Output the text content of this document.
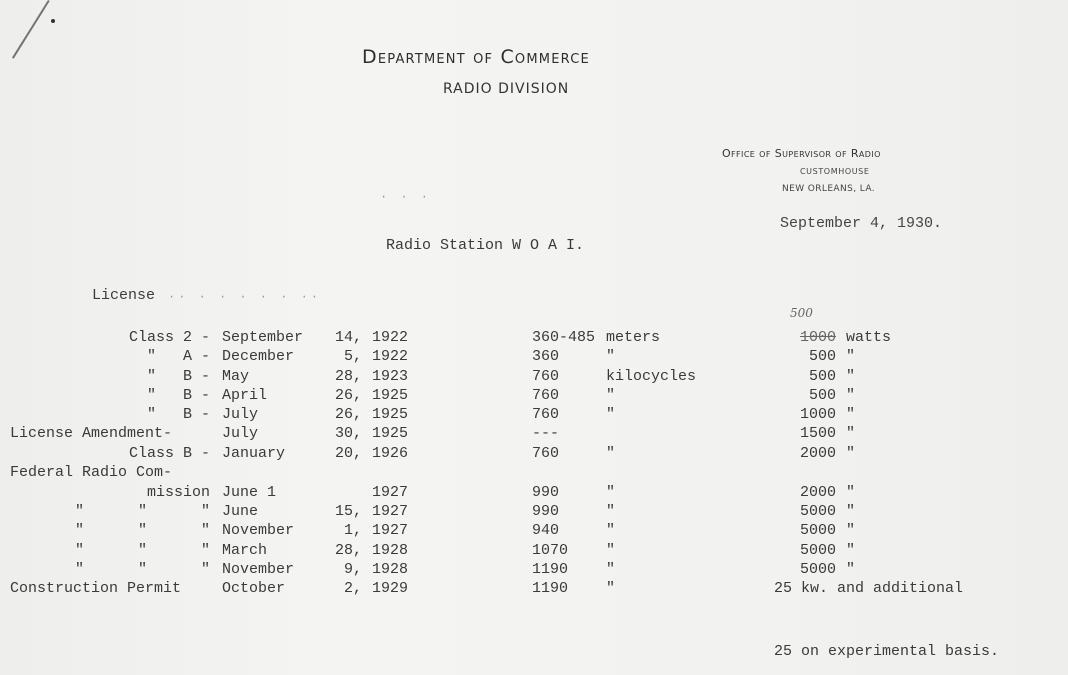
Department of Commerce
RADIO DIVISION
Office of Supervisor of Radio
CUSTOMHOUSE
NEW ORLEANS, LA.
September 4, 1930.
· · ·
Radio Station W O A I.
License ·· · · · · · ··
500
Class 2 - September	14, 1922	360-485 meters	1000 watts
"   A - December	5, 1922	360	"	500 "
"   B - May	28, 1923	760	kilocycles	500 "
"   B - April	26, 1925	760	"	500 "
"   B - July	26, 1925	760	"	1000 "
License Amendment-	July	30, 1925	---	1500 "
Class B - January	20, 1926	760	"	2000 "
Federal Radio Com-
mission June 1	1927	990	"	2000 "
"      "      " June	15, 1927	990	"	5000 "
"      "      " November	1, 1927	940	"	5000 "
"      "      " March	28, 1928	1070	"	5000 "
"      "      " November	9, 1928	1190	"	5000 "
Construction Permit	October	2, 1929	1190	"	25 kw. and additional
25 on experimental basis.
